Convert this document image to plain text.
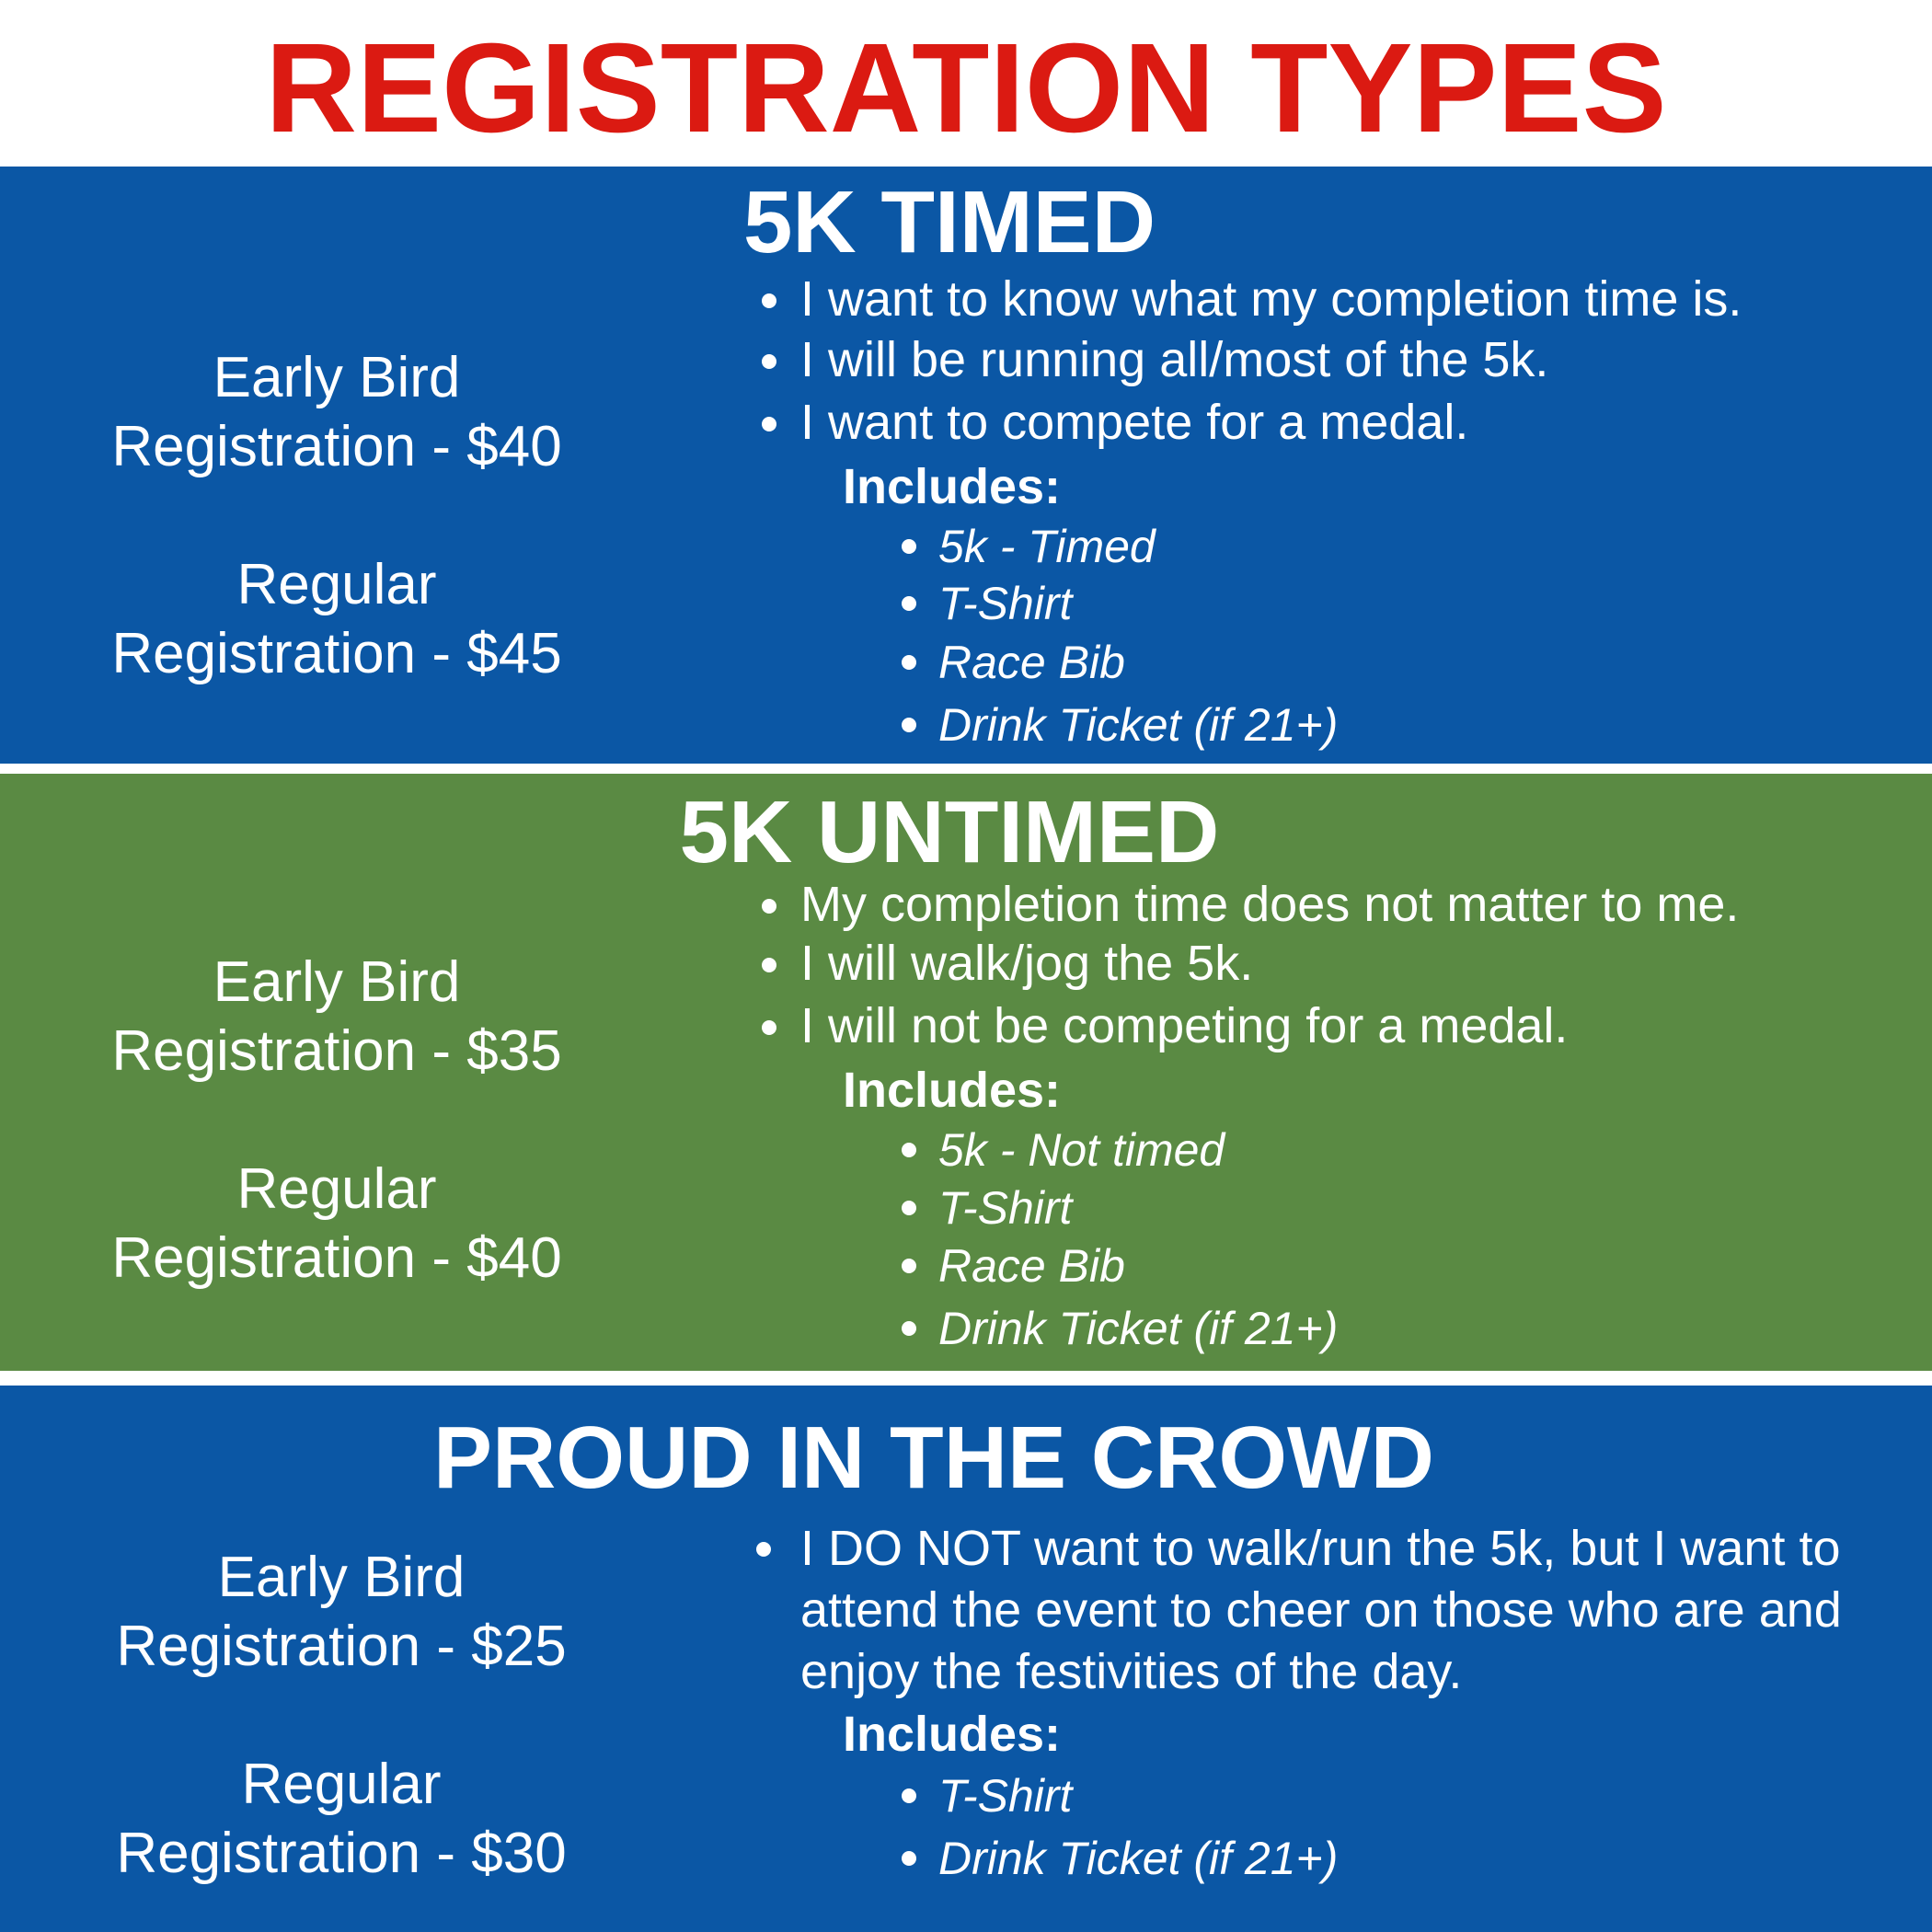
REGISTRATION TYPES
5K TIMED
Early Bird
Registration - $40
Regular
Registration - $45
I want to know what my completion time is.
I will be running all/most of the 5k.
I want to compete for a medal.
Includes:
5k - Timed
T-Shirt
Race Bib
Drink Ticket (if 21+)
5K UNTIMED
Early Bird
Registration - $35
Regular
Registration - $40
My completion time does not matter to me.
I will walk/jog the 5k.
I will not be competing for a medal.
Includes:
5k - Not timed
T-Shirt
Race Bib
Drink Ticket (if 21+)
PROUD IN THE CROWD
Early Bird
Registration - $25
Regular
Registration - $30
I DO NOT want to walk/run the 5k, but I want to
attend the event to cheer on those who are and
enjoy the festivities of the day.
Includes:
T-Shirt
Drink Ticket (if 21+)
